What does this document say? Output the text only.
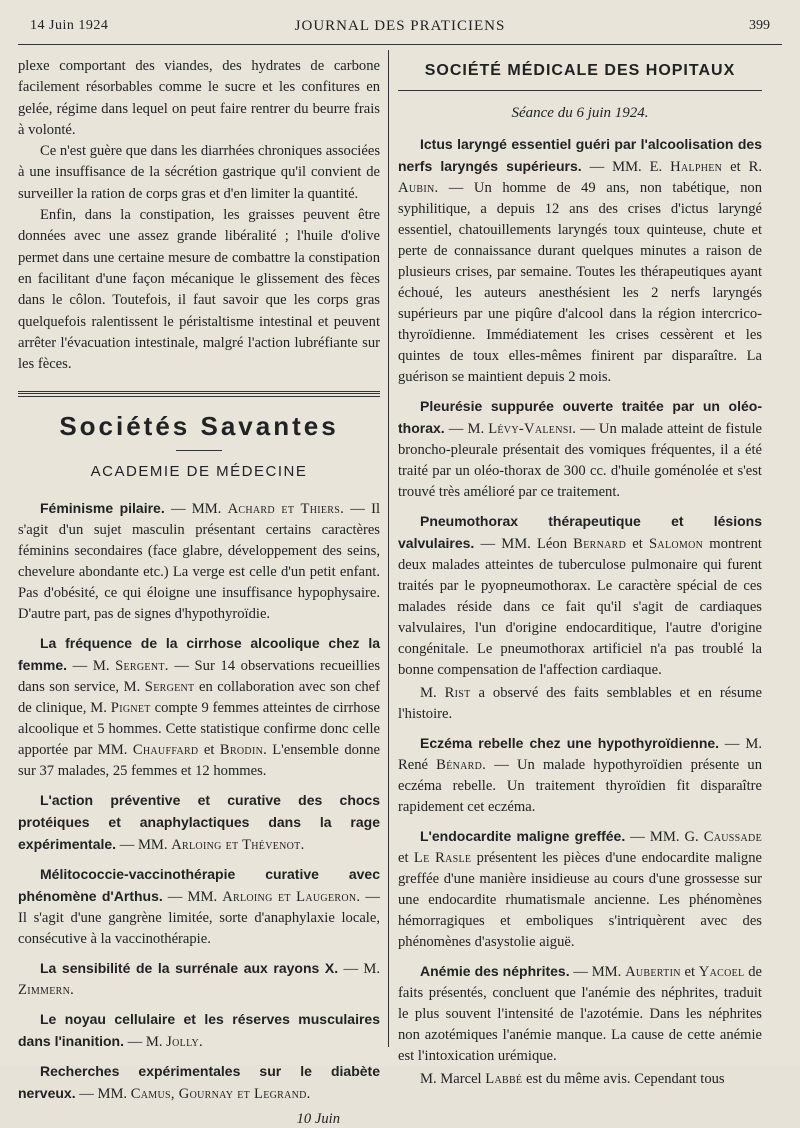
14 Juin 1924	JOURNAL DES PRATICIENS	399

plexe comportant des viandes, des hydrates de carbone facilement résorbables comme le sucre et les confitures en gelée, régime dans lequel on peut faire rentrer du beurre frais à volonté.

Ce n'est guère que dans les diarrhées chroniques associées à une insuffisance de la sécrétion gastrique qu'il convient de surveiller la ration de corps gras et d'en limiter la quantité.

Enfin, dans la constipation, les graisses peuvent être données avec une assez grande libéralité ; l'huile d'olive permet dans une certaine mesure de combattre la constipation en facilitant d'une façon mécanique le glissement des fèces dans le côlon. Toutefois, il faut savoir que les corps gras quelquefois ralentissent le péristaltisme intestinal et peuvent arrêter l'évacuation intestinale, malgré l'action lubréfiante sur les fèces.

Sociétés Savantes
ACADEMIE DE MÉDECINE

Féminisme pilaire. — MM. Achard et Thiers. — Il s'agit d'un sujet masculin présentant certains caractères féminins secondaires (face glabre, développement des seins, chevelure abondante etc.) La verge est celle d'un petit enfant. Pas d'obésité, ce qui éloigne une insuffisance hypophysaire. D'autre part, pas de signes d'hypothyroïdie.

La fréquence de la cirrhose alcoolique chez la femme. — M. Sergent. — Sur 14 observations recueillies dans son service, M. Sergent en collaboration avec son chef de clinique, M. Pignet compte 9 femmes atteintes de cirrhose alcoolique et 5 hommes. Cette statistique confirme donc celle apportée par MM. Chauffard et Brodin. L'ensemble donne sur 37 malades, 25 femmes et 12 hommes.

L'action préventive et curative des chocs protéiques et anaphylactiques dans la rage expérimentale. — MM. Arloing et Thévenot.

Mélitococcie-vaccinothérapie curative avec phénomène d'Arthus. — MM. Arloing et Laugeron. — Il s'agit d'une gangrène limitée, sorte d'anaphylaxie locale, consécutive à la vaccinothérapie.

La sensibilité de la surrénale aux rayons X. — M. Zimmern.

Le noyau cellulaire et les réserves musculaires dans l'inanition. — M. Jolly.

Recherches expérimentales sur le diabète nerveux. — MM. Camus, Gournay et Legrand.

10 Juin
SOCIÉTÉ MÉDICALE DES HOPITAUX
Séance du 6 juin 1924.

Ictus laryngé essentiel guéri par l'alcoolisation des nerfs laryngés supérieurs. — MM. E. Halphen et R. Aubin. — Un homme de 49 ans, non tabétique, non syphilitique, a depuis 12 ans des crises d'ictus laryngé essentiel, chatouillements laryngés toux quinteuse, chute et perte de connaissance durant quelques minutes a raison de plusieurs crises, par semaine. Toutes les thérapeutiques ayant échoué, les auteurs anesthésient les 2 nerfs laryngés supérieurs par une piqûre d'alcool dans la région intercrico-thyroïdienne. Immédiatement les crises cessèrent et les quintes de toux elles-mêmes finirent par disparaître. La guérison se maintient depuis 2 mois.

Pleurésie suppurée ouverte traitée par un oléo-thorax. — M. Lévy-Valensi. — Un malade atteint de fistule broncho-pleurale présentait des vomiques fréquentes, il a été traité par un oléo-thorax de 300 cc. d'huile goménolée et s'est trouvé très amélioré par ce traitement.

Pneumothorax thérapeutique et lésions valvulaires. — MM. Léon Bernard et Salomon montrent deux malades atteintes de tuberculose pulmonaire qui furent traités par le pyopneumothorax. Le caractère spécial de ces malades réside dans ce fait qu'il s'agit de cardiaques valvulaires, l'un d'origine endocarditique, l'autre d'origine congénitale. Le pneumothorax artificiel n'a pas troublé la bonne compensation de l'affection cardiaque.

M. Rist a observé des faits semblables et en résume l'histoire.

Eczéma rebelle chez une hypothyroïdienne. — M. René Bénard. — Un malade hypothyroïdien présente un eczéma rebelle. Un traitement thyroïdien fit disparaître rapidement cet eczéma.

L'endocardite maligne greffée. — MM. G. Caussade et Le Rasle présentent les pièces d'une endocardite maligne greffée d'une manière insidieuse au cours d'une grossesse sur une endocardite rhumatismale ancienne. Les phénomènes hémorragiques et emboliques s'intriquèrent avec des phénomènes d'asystolie aiguë.

Anémie des néphrites. — MM. Aubertin et Yacoel de faits présentés, concluent que l'anémie des néphrites, traduit le plus souvent l'intensité de l'azotémie. Dans les néphrites non azotémiques l'anémie manque. La cause de cette anémie est l'intoxication urémique.

M. Marcel Labbé est du même avis. Cependant tous
